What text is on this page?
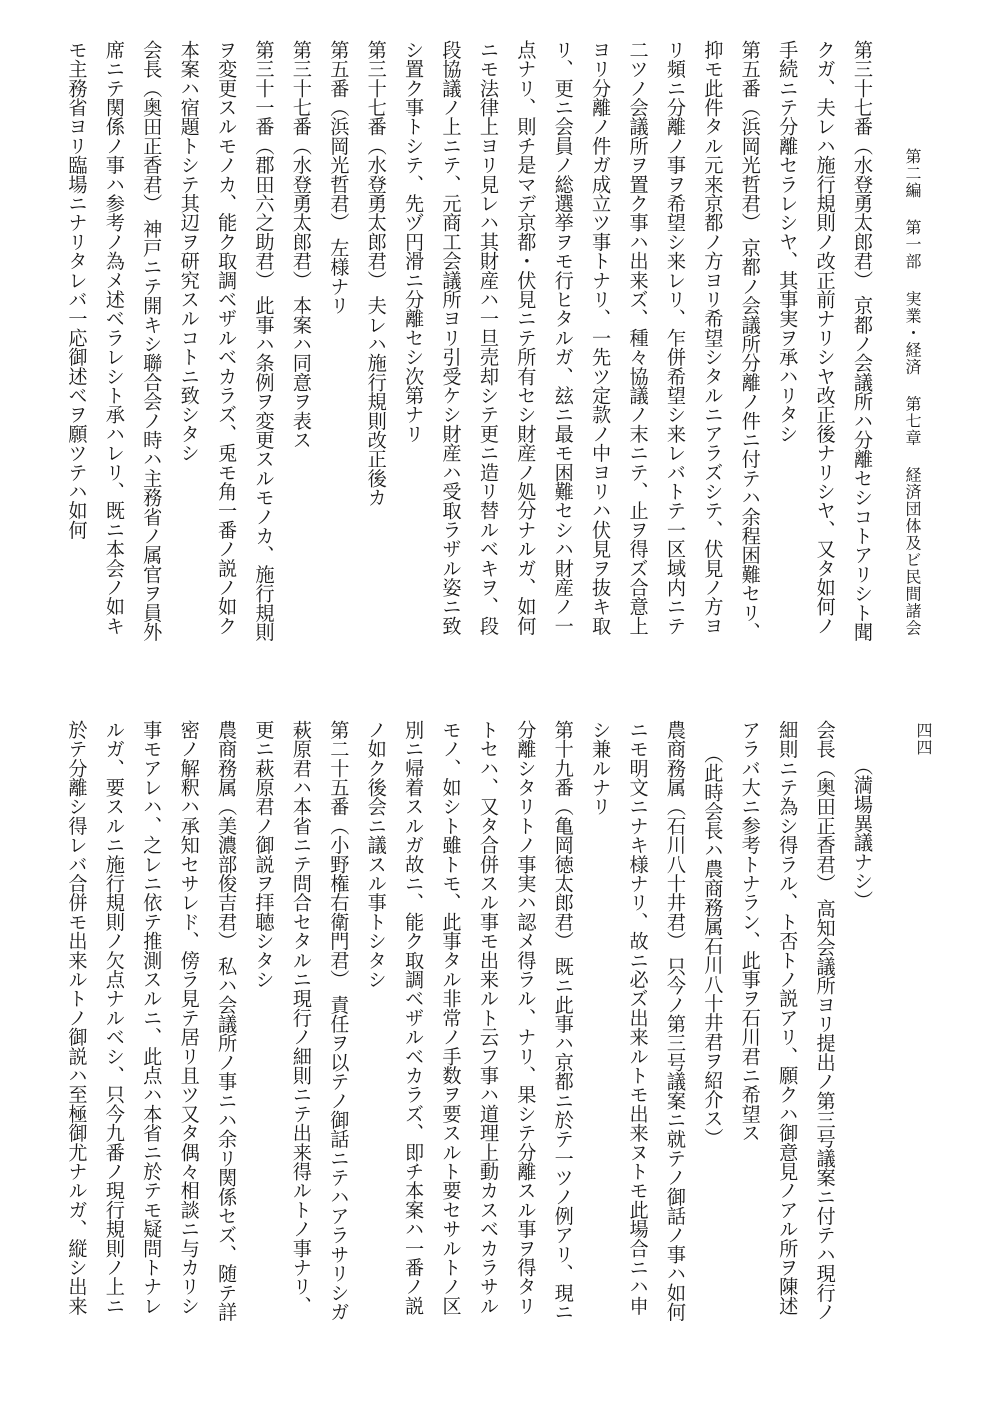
第二編 第一部 実業・経済 第七章 経済団体及ビ民間諸会
四四
第三十七番（水登勇太郎君） 京都ノ会議所ハ分離セシコトアリシト聞
クガ、夫レハ施行規則ノ改正前ナリシヤ改正後ナリシヤ、又タ如何ノ
手続ニテ分離セラレシヤ、其事実ヲ承ハリタシ
第五番（浜岡光哲君） 京都ノ会議所分離ノ件ニ付テハ余程困難セリ、
抑モ此件タル元来京都ノ方ヨリ希望シタルニアラズシテ、伏見ノ方ヨ
リ頻ニ分離ノ事ヲ希望シ来レリ、乍併希望シ来レバトテ一区域内ニテ
二ツノ会議所ヲ置ク事ハ出来ズ、種々協議ノ末ニテ、止ヲ得ズ合意上
ヨリ分離ノ件ガ成立ツ事トナリ、一先ツ定款ノ中ヨリハ伏見ヲ抜キ取
リ、更ニ会員ノ総選挙ヲモ行ヒタルガ、玆ニ最モ困難セシハ財産ノ一
点ナリ、則チ是マデ京都・伏見ニテ所有セシ財産ノ処分ナルガ、如何
ニモ法律上ヨリ見レハ其財産ハ一旦売却シテ更ニ造リ替ルベキヲ、段
段協議ノ上ニテ、元商工会議所ヨリ引受ケシ財産ハ受取ラザル姿ニ致
シ置ク事トシテ、先ヅ円滑ニ分離セシ次第ナリ
第三十七番（水登勇太郎君） 夫レハ施行規則改正後カ
第五番（浜岡光哲君） 左様ナリ
第三十七番（水登勇太郎君） 本案ハ同意ヲ表ス
第三十一番（郡田六之助君） 此事ハ条例ヲ変更スルモノカ、施行規則
ヲ変更スルモノカ、能ク取調ベザルベカラズ、兎モ角一番ノ説ノ如ク
本案ハ宿題トシテ其辺ヲ研究スルコトニ致シタシ
会長（奥田正香君） 神戸ニテ開キシ聯合会ノ時ハ主務省ノ属官ヲ員外
席ニテ関係ノ事ハ参考ノ為メ述ベラレシト承ハレリ、既ニ本会ノ如キ
モ主務省ヨリ臨場ニナリタレバ一応御述ベヲ願ツテハ如何
（満場異議ナシ）
会長（奥田正香君） 高知会議所ヨリ提出ノ第三号議案ニ付テハ現行ノ
細則ニテ為シ得ラル、ト否トノ説アリ、願クハ御意見ノアル所ヲ陳述
アラバ大ニ参考トナラン、此事ヲ石川君ニ希望ス
（此時会長ハ農商務属石川八十井君ヲ紹介ス）
農商務属（石川八十井君） 只今ノ第三号議案ニ就テノ御話ノ事ハ如何
ニモ明文ニナキ様ナリ、故ニ必ズ出来ルトモ出来ヌトモ此場合ニハ申
シ兼ルナリ
第十九番（亀岡徳太郎君） 既ニ此事ハ京都ニ於テ一ツノ例アリ、現ニ
分離シタリトノ事実ハ認メ得ラル、ナリ、果シテ分離スル事ヲ得タリ
トセハ、又タ合併スル事モ出来ルト云フ事ハ道理上動カスベカラサル
モノ、如シト雖トモ、此事タル非常ノ手数ヲ要スルト要セサルトノ区
別ニ帰着スルガ故ニ、能ク取調ベザルベカラズ、即チ本案ハ一番ノ説
ノ如ク後会ニ議スル事トシタシ
第二十五番（小野権右衛門君） 責任ヲ以テノ御話ニテハアラサリシガ
萩原君ハ本省ニテ問合セタルニ現行ノ細則ニテ出来得ルトノ事ナリ、
更ニ萩原君ノ御説ヲ拝聴シタシ
農商務属（美濃部俊吉君） 私ハ会議所ノ事ニハ余リ関係セズ、随テ詳
密ノ解釈ハ承知セサレド、傍ラ見テ居リ且ツ又タ偶々相談ニ与カリシ
事モアレハ、之レニ依テ推測スルニ、此点ハ本省ニ於テモ疑問トナレ
ルガ、要スルニ施行規則ノ欠点ナルベシ、只今九番ノ現行規則ノ上ニ
於テ分離シ得レバ合併モ出来ルトノ御説ハ至極御尤ナルガ、縦シ出来
